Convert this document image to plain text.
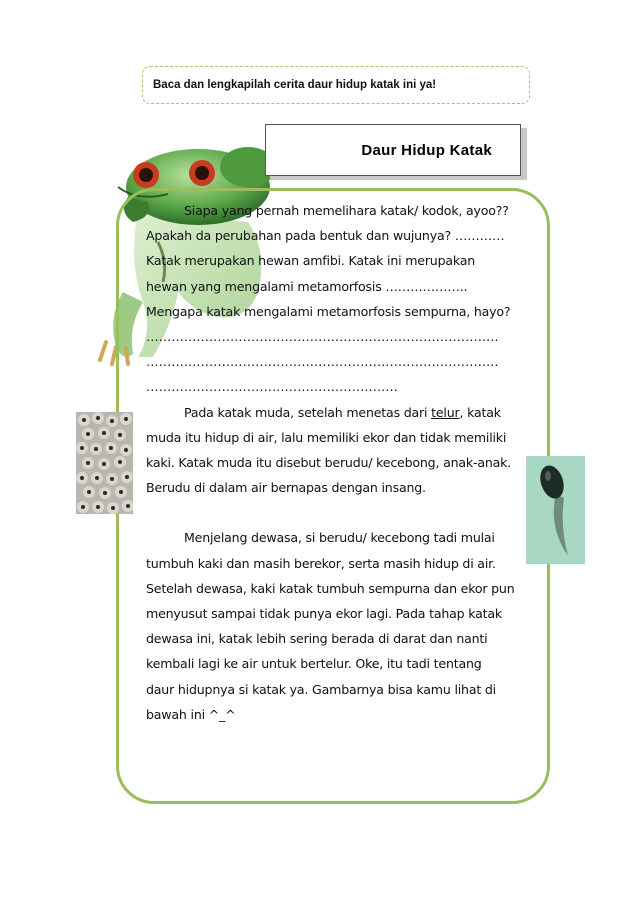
Baca dan lengkapilah cerita daur hidup katak ini ya!
Daur Hidup Katak
Siapa yang pernah memelihara katak/ kodok, ayoo??
Apakah da perubahan pada bentuk dan wujunya? …………
Katak merupakan hewan amfibi. Katak ini merupakan
hewan yang mengalami metamorfosis ………………..
Mengapa katak mengalami metamorfosis sempurna, hayo?
…………………………………………………………………………
…………………………………………………………………………
……………………………………………………
Pada katak muda, setelah menetas dari telur, katak
muda itu hidup di air, lalu memiliki ekor dan tidak memiliki
kaki. Katak muda itu disebut berudu/ kecebong, anak-anak.
Berudu di dalam air bernapas dengan insang.
Menjelang dewasa, si berudu/ kecebong tadi mulai
tumbuh kaki dan masih berekor, serta masih hidup di air.
Setelah dewasa, kaki katak tumbuh sempurna dan ekor pun
menyusut sampai tidak punya ekor lagi. Pada tahap katak
dewasa ini, katak lebih sering berada di darat dan nanti
kembali lagi ke air untuk bertelur. Oke, itu tadi tentang
daur hidupnya si katak ya. Gambarnya bisa kamu lihat di
bawah ini ^_^
